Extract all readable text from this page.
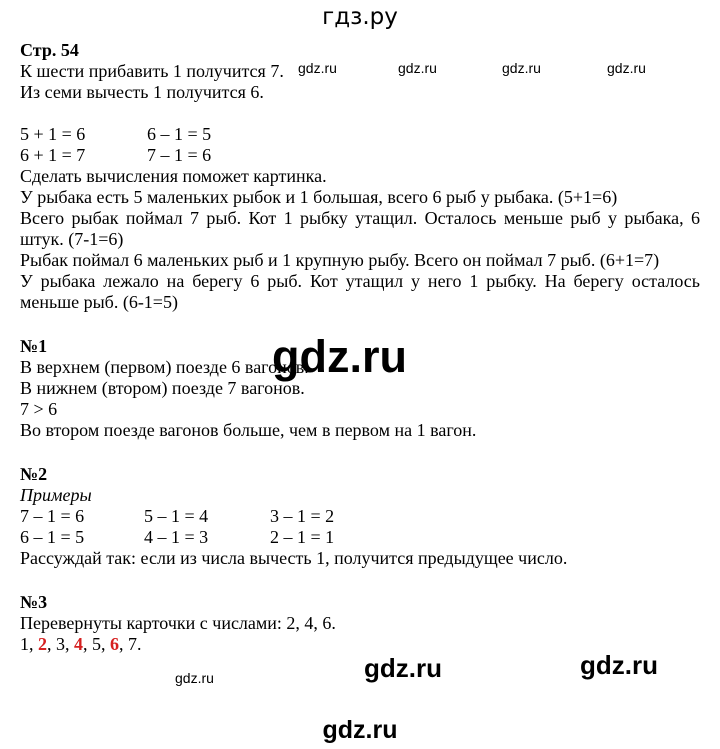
гдз.ру
gdz.ru	gdz.ru	gdz.ru	gdz.ru
gdz.ru
gdz.ru
gdz.ru
gdz.ru

Стр. 54

К шести прибавить 1 получится 7.

Из семи вычесть 1 получится 6.

5 + 1 = 6	6 – 1 = 5
6 + 1 = 7	7 – 1 = 6

Сделать вычисления поможет картинка.

У рыбака есть 5 маленьких рыбок и 1 большая, всего 6 рыб у рыбака. (5+1=6)

Всего рыбак поймал 7 рыб. Кот 1 рыбку утащил. Осталось меньше рыб у рыбака, 6 штук. (7-1=6)

Рыбак поймал 6 маленьких рыб и 1 крупную рыбу. Всего он поймал 7 рыб. (6+1=7)

У рыбака лежало на берегу 6 рыб. Кот утащил у него 1 рыбку. На берегу осталось меньше рыб. (6-1=5)

№1

В верхнем (первом) поезде 6 вагонов.

В нижнем (втором) поезде 7 вагонов.

7 > 6

Во втором поезде вагонов больше, чем в первом на 1 вагон.

№2

Примеры

7 – 1 = 6	5 – 1 = 4	3 – 1 = 2
6 – 1 = 5	4 – 1 = 3	2 – 1 = 1

Рассуждай так: если из числа вычесть 1, получится предыдущее число.

№3

Перевернуты карточки с числами: 2, 4, 6.

1, 2, 3, 4, 5, 6, 7.

gdz.ru
